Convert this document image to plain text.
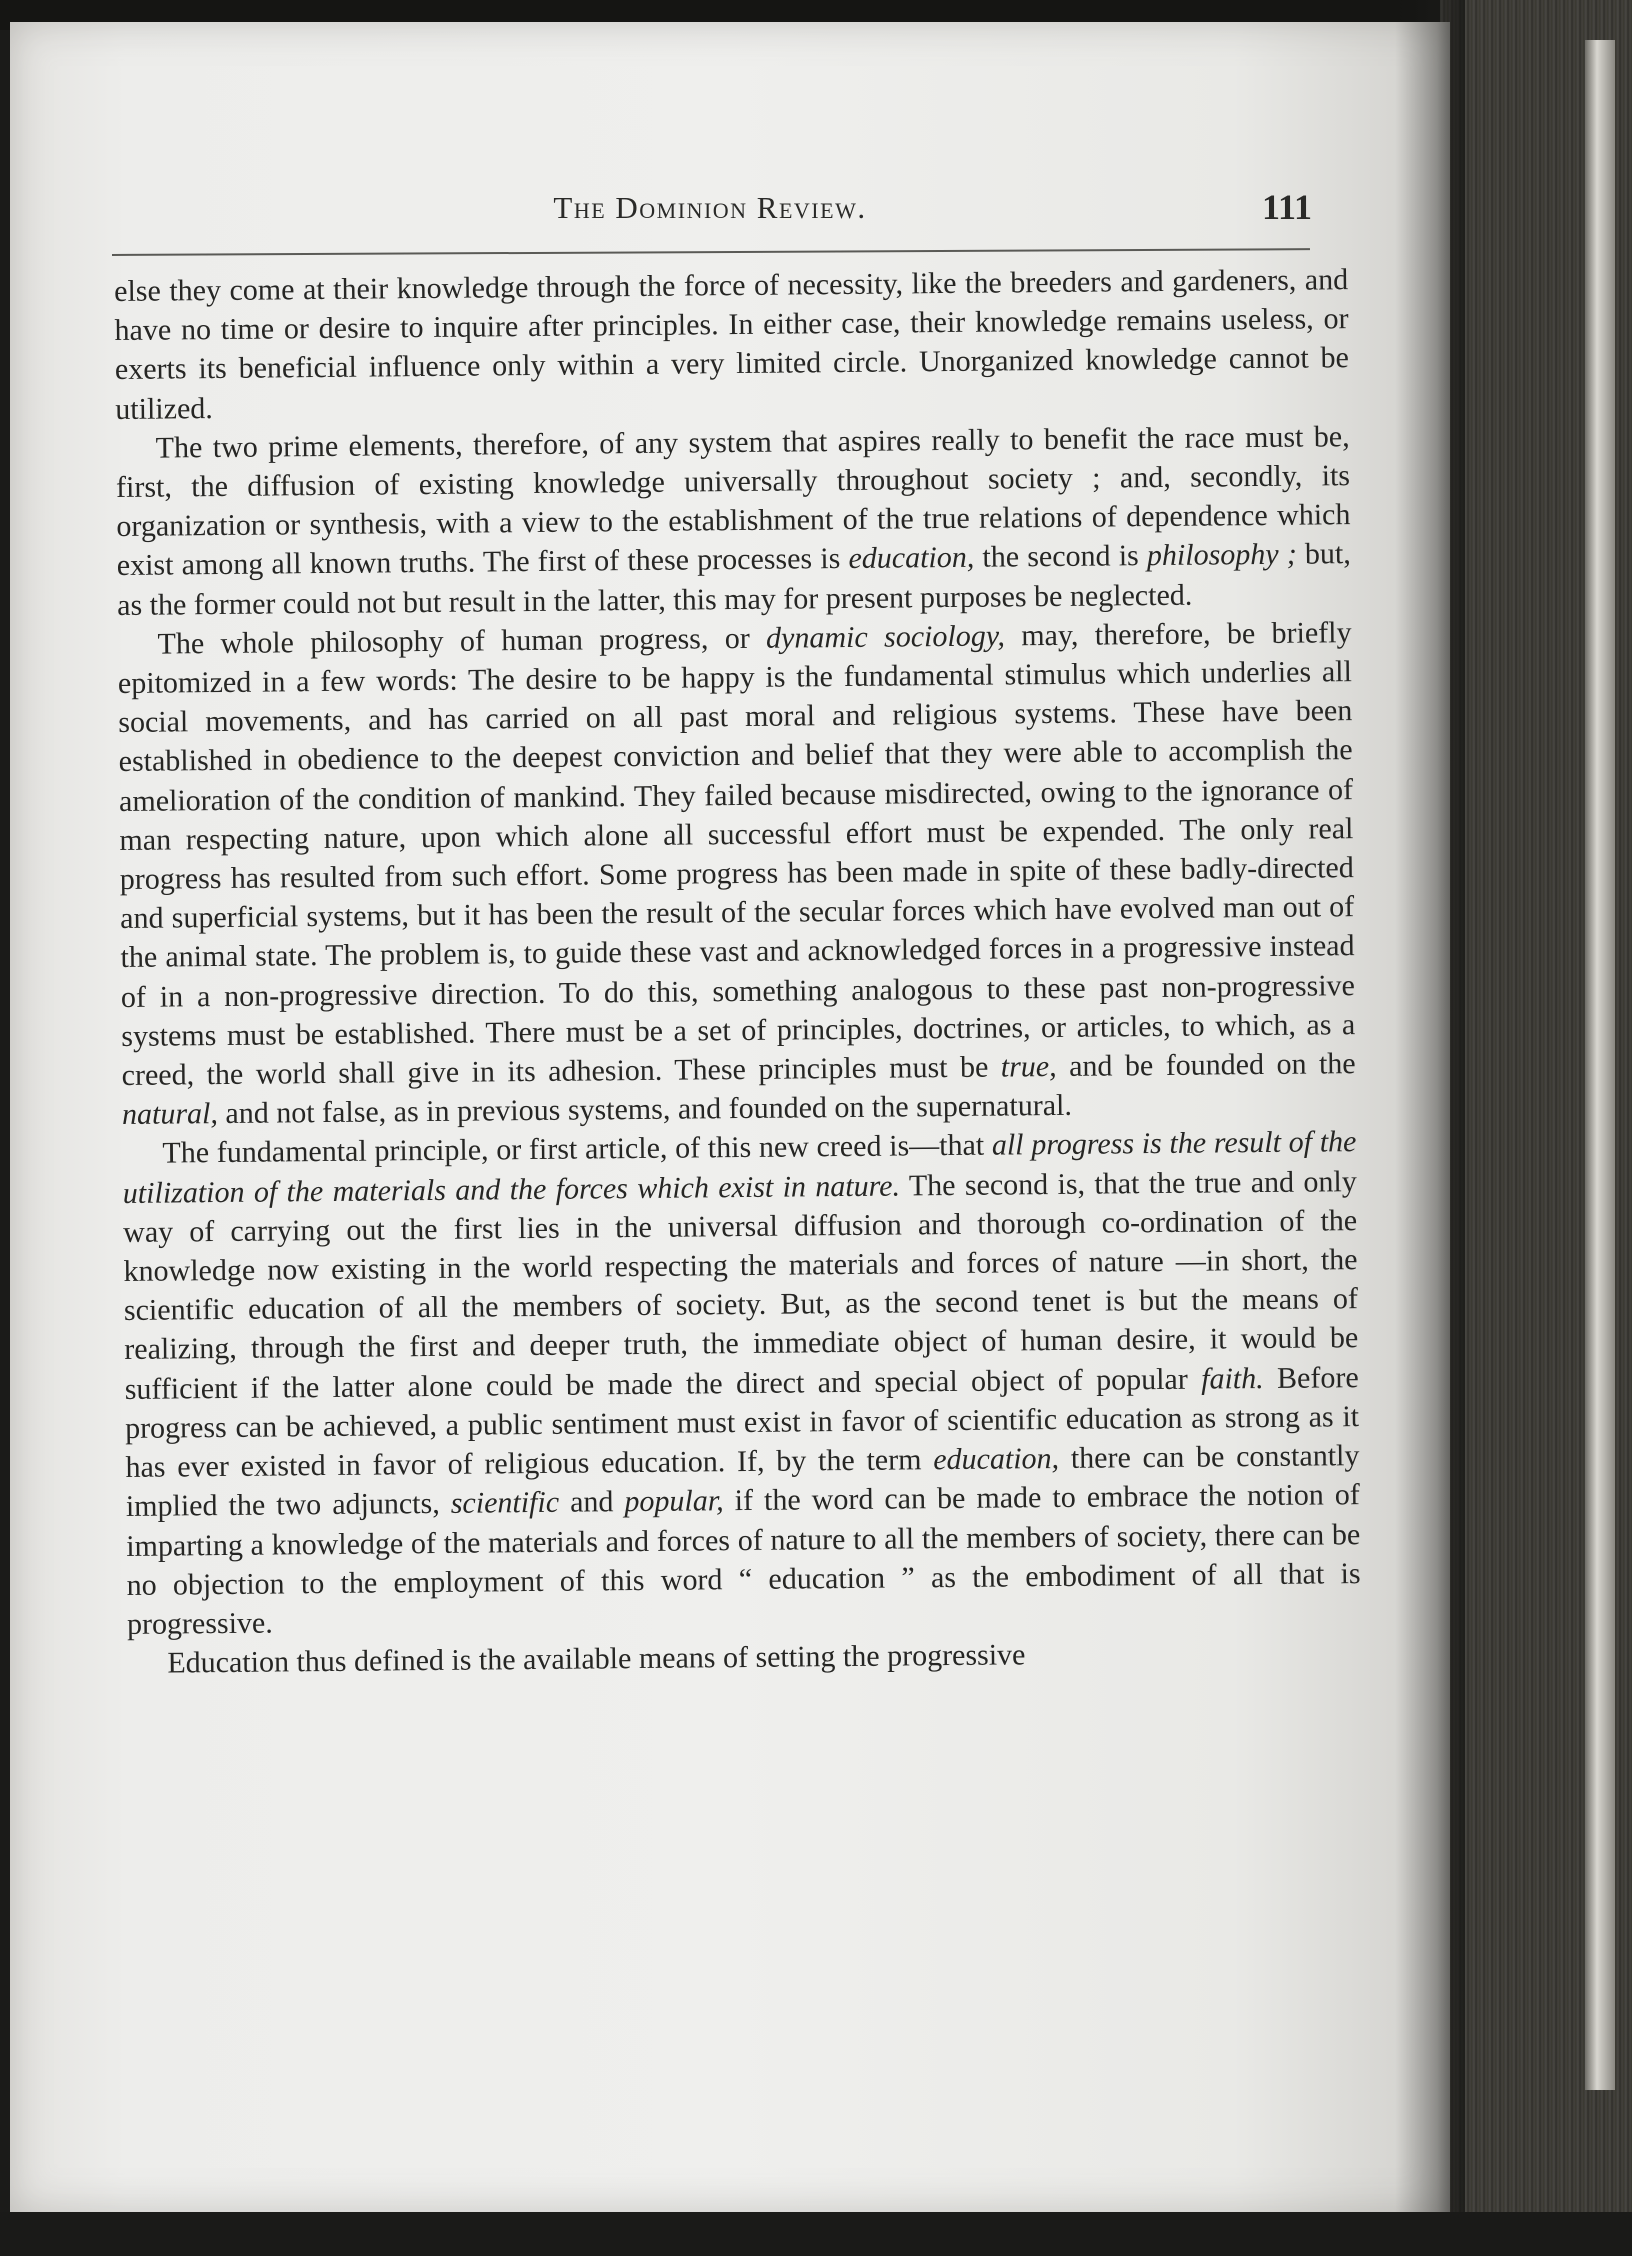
The Dominion Review.	111

else they come at their knowledge through the force of necessity, like the breeders and gardeners, and have no time or desire to inquire after principles. In either case, their knowledge remains useless, or exerts its beneficial influence only within a very limited circle. Unorganized knowledge cannot be utilized.

The two prime elements, therefore, of any system that aspires really to benefit the race must be, first, the diffusion of existing knowledge universally throughout society ; and, secondly, its organization or synthesis, with a view to the establishment of the true relations of dependence which exist among all known truths. The first of these processes is education, the second is philosophy ; but, as the former could not but result in the latter, this may for present purposes be neglected.

The whole philosophy of human progress, or dynamic sociology, may, therefore, be briefly epitomized in a few words: The desire to be happy is the fundamental stimulus which underlies all social movements, and has carried on all past moral and religious systems. These have been established in obedience to the deepest conviction and belief that they were able to accomplish the amelioration of the condition of mankind. They failed because misdirected, owing to the ignorance of man respecting nature, upon which alone all successful effort must be expended. The only real progress has resulted from such effort. Some progress has been made in spite of these badly-directed and superficial systems, but it has been the result of the secular forces which have evolved man out of the animal state. The problem is, to guide these vast and acknowledged forces in a progressive instead of in a non-progressive direction. To do this, something analogous to these past non-progressive systems must be established. There must be a set of principles, doctrines, or articles, to which, as a creed, the world shall give in its adhesion. These principles must be true, and be founded on the natural, and not false, as in previous systems, and founded on the supernatural.

The fundamental principle, or first article, of this new creed is—that all progress is the result of the utilization of the materials and the forces which exist in nature. The second is, that the true and only way of carrying out the first lies in the universal diffusion and thorough co-ordination of the knowledge now existing in the world respecting the materials and forces of nature —in short, the scientific education of all the members of society. But, as the second tenet is but the means of realizing, through the first and deeper truth, the immediate object of human desire, it would be sufficient if the latter alone could be made the direct and special object of popular faith. Before progress can be achieved, a public sentiment must exist in favor of scientific education as strong as it has ever existed in favor of religious education. If, by the term education, there can be constantly implied the two adjuncts, scientific and popular, if the word can be made to embrace the notion of imparting a knowledge of the materials and forces of nature to all the members of society, there can be no objection to the employment of this word “ education ” as the embodiment of all that is progressive.

Education thus defined is the available means of setting the progressive
